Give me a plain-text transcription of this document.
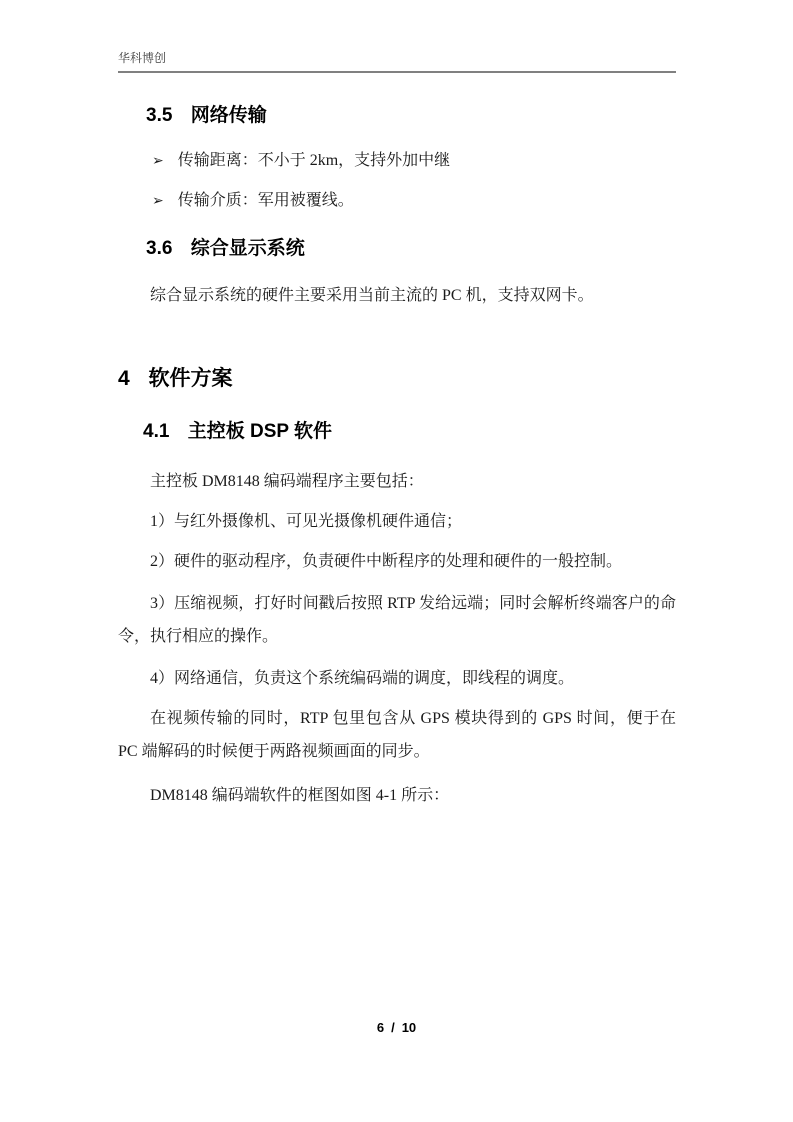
华科博创
3.5 网络传输
➢ 传输距离：不小于 2km，支持外加中继
➢ 传输介质：军用被覆线。
3.6 综合显示系统

综合显示系统的硬件主要采用当前主流的 PC 机，支持双网卡。

4 软件方案
4.1 主控板 DSP 软件

主控板 DM8148 编码端程序主要包括：

1）与红外摄像机、可见光摄像机硬件通信；

2）硬件的驱动程序，负责硬件中断程序的处理和硬件的一般控制。

3）压缩视频，打好时间戳后按照 RTP 发给远端；同时会解析终端客户的命令，执行相应的操作。

4）网络通信，负责这个系统编码端的调度，即线程的调度。

在视频传输的同时，RTP 包里包含从 GPS 模块得到的 GPS 时间，便于在 PC 端解码的时候便于两路视频画面的同步。

DM8148 编码端软件的框图如图 4-1 所示：

6 / 10
